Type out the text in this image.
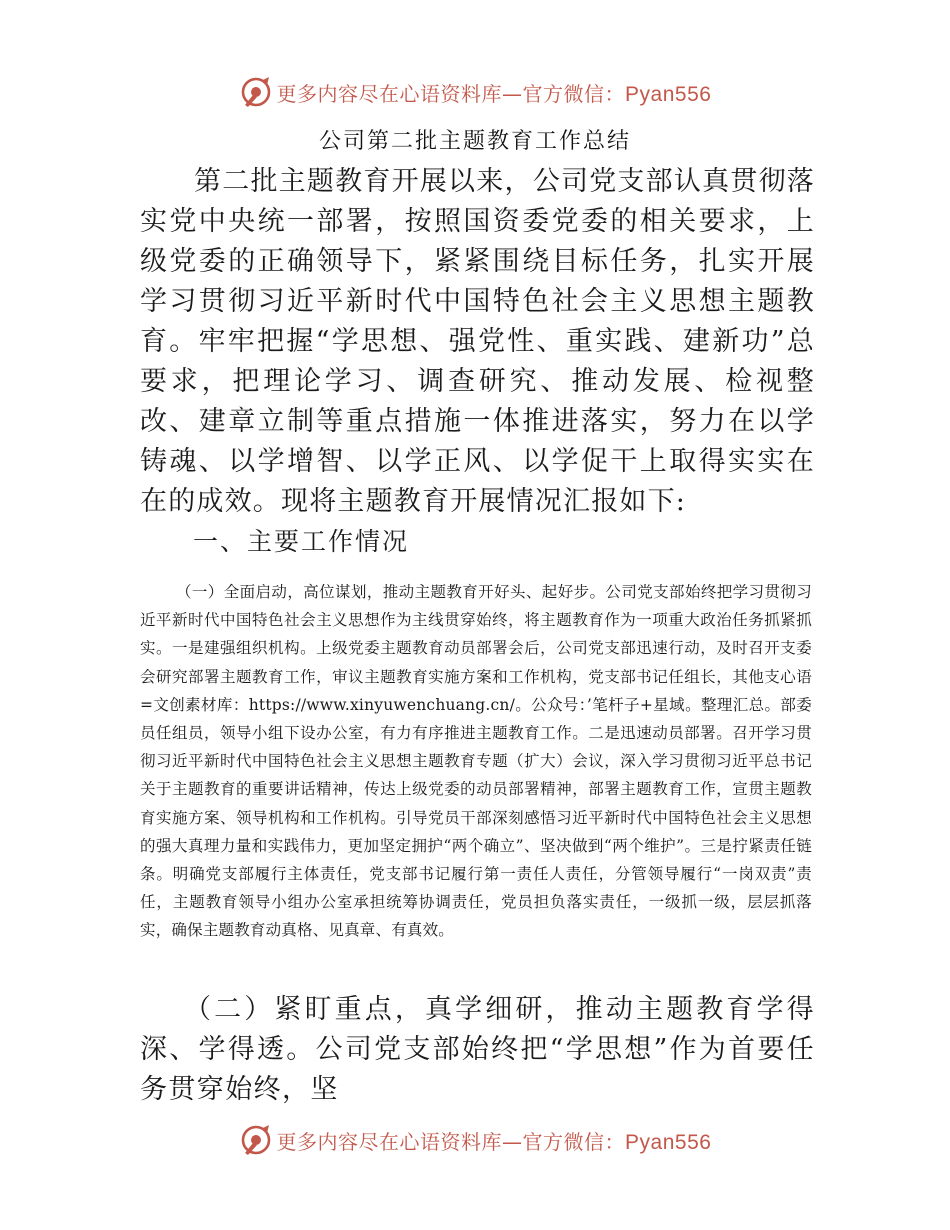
更多内容尽在心语资料库—官方微信：Pyan556
公司第二批主题教育工作总结

第二批主题教育开展以来，公司党支部认真贯彻落实党中央统一部署，按照国资委党委的相关要求，上级党委的正确领导下，紧紧围绕目标任务，扎实开展学习贯彻习近平新时代中国特色社会主义思想主题教育。牢牢把握“学思想、强党性、重实践、建新功”总要求，把理论学习、调查研究、推动发展、检视整改、建章立制等重点措施一体推进落实，努力在以学铸魂、以学增智、以学正风、以学促干上取得实实在在的成效。现将主题教育开展情况汇报如下:

一、主要工作情况

（一）全面启动，高位谋划，推动主题教育开好头、起好步。公司党支部始终把学习贯彻习近平新时代中国特色社会主义思想作为主线贯穿始终，将主题教育作为一项重大政治任务抓紧抓实。一是建强组织机构。上级党委主题教育动员部署会后，公司党支部迅速行动，及时召开支委会研究部署主题教育工作，审议主题教育实施方案和工作机构，党支部书记任组长，其他支心语=文创素材库：https://www.xinyuwenchuang.cn/。公众号：’笔杆子+星域。整理汇总。部委员任组员，领导小组下设办公室，有力有序推进主题教育工作。二是迅速动员部署。召开学习贯彻习近平新时代中国特色社会主义思想主题教育专题（扩大）会议，深入学习贯彻习近平总书记关于主题教育的重要讲话精神，传达上级党委的动员部署精神，部署主题教育工作，宣贯主题教育实施方案、领导机构和工作机构。引导党员干部深刻感悟习近平新时代中国特色社会主义思想的强大真理力量和实践伟力，更加坚定拥护“两个确立”、坚决做到“两个维护”。三是拧紧责任链条。明确党支部履行主体责任，党支部书记履行第一责任人责任，分管领导履行“一岗双责”责任，主题教育领导小组办公室承担统筹协调责任，党员担负落实责任，一级抓一级，层层抓落实，确保主题教育动真格、见真章、有真效。

（二）紧盯重点，真学细研，推动主题教育学得深、学得透。公司党支部始终把“学思想”作为首要任务贯穿始终，坚

更多内容尽在心语资料库—官方微信：Pyan556
